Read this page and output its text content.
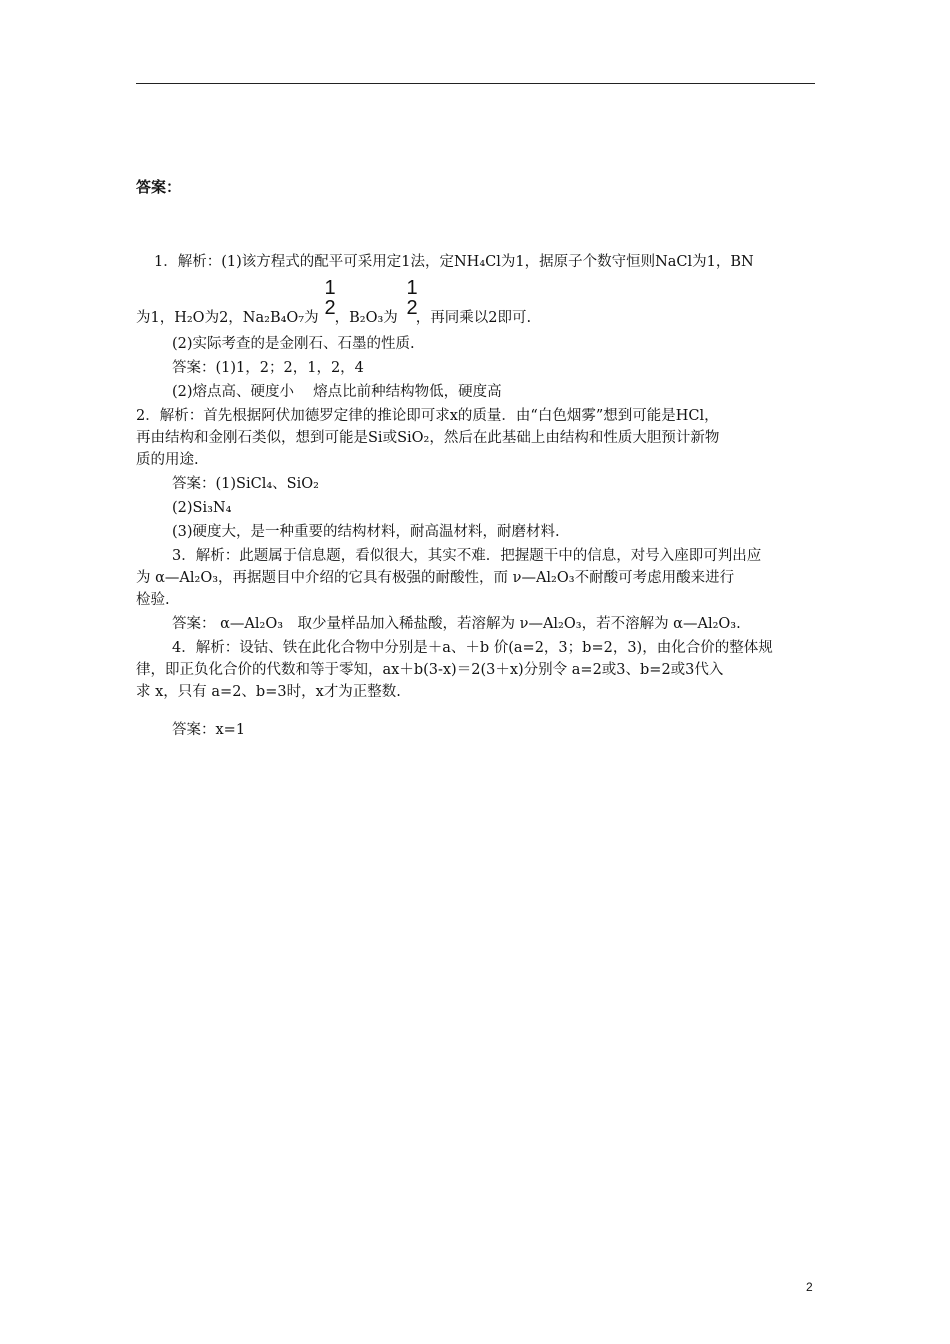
答案：
1．解析：(1)该方程式的配平可采用定1法，定NH₄Cl为1，据原子个数守恒则NaCl为1，BN
1
2
1
2
为1，H₂O为2，Na₂B₄O₇为 ，B₂O₃为 ，再同乘以2即可.
(2)实际考查的是金刚石、石墨的性质.
答案：(1)1，2；2，1，2，4
(2)熔点高、硬度小　 熔点比前种结构物低，硬度高
2．解析：首先根据阿伏加德罗定律的推论即可求x的质量．由“白色烟雾”想到可能是HCl，
再由结构和金刚石类似，想到可能是Si或SiO₂，然后在此基础上由结构和性质大胆预计新物
质的用途.
答案：(1)SiCl₄、SiO₂
(2)Si₃N₄
(3)硬度大，是一种重要的结构材料，耐高温材料，耐磨材料.
3．解析：此题属于信息题，看似很大，其实不难．把握题干中的信息，对号入座即可判出应
为 α—Al₂O₃，再据题目中介绍的它具有极强的耐酸性，而 ν—Al₂O₃不耐酸可考虑用酸来进行
检验.
答案： α—Al₂O₃　取少量样品加入稀盐酸，若溶解为 ν—Al₂O₃，若不溶解为 α—Al₂O₃.
4．解析：设钴、铁在此化合物中分别是＋a、＋b 价(a=2，3；b=2，3)，由化合价的整体规
律，即正负化合价的代数和等于零知，ax＋b(3-x)＝2(3＋x)分别令 a=2或3、b=2或3代入
求 x，只有 a=2、b=3时，x才为正整数.
答案：x=1
2
